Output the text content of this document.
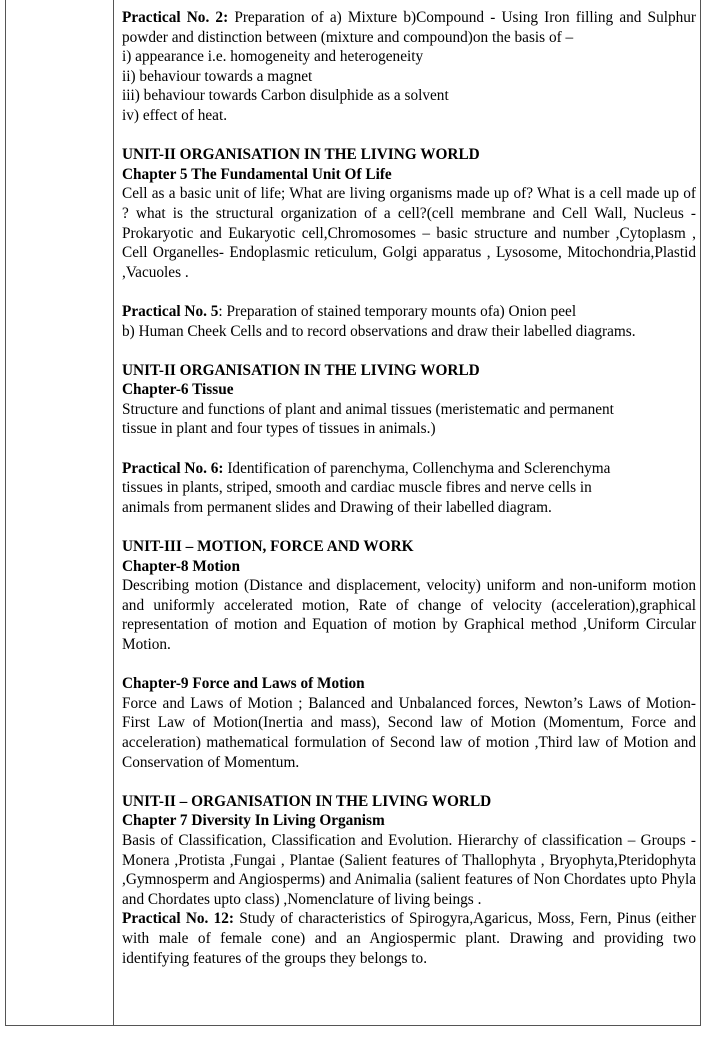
Practical No. 2: Preparation of a) Mixture b)Compound - Using Iron filling and Sulphur powder and distinction between (mixture and compound)on the basis of –

i) appearance i.e. homogeneity and heterogeneity

ii) behaviour towards a magnet

iii) behaviour towards Carbon disulphide as a solvent

iv) effect of heat.

UNIT-II ORGANISATION IN THE LIVING WORLD

Chapter 5 The Fundamental Unit Of Life

Cell as a basic unit of life; What are living organisms made up of? What is a cell made up of ? what is the structural organization of a cell?(cell membrane and Cell Wall, Nucleus -Prokaryotic and Eukaryotic cell,Chromosomes – basic structure and number ,Cytoplasm , Cell Organelles- Endoplasmic reticulum, Golgi apparatus , Lysosome, Mitochondria,Plastid ,Vacuoles .

Practical No. 5: Preparation of stained temporary mounts ofa) Onion peel

b) Human Cheek Cells and to record observations and draw their labelled diagrams.

UNIT-II ORGANISATION IN THE LIVING WORLD

Chapter-6 Tissue

Structure and functions of plant and animal tissues (meristematic and permanent

tissue in plant and four types of tissues in animals.)

Practical No. 6: Identification of parenchyma, Collenchyma and Sclerenchyma

tissues in plants, striped, smooth and cardiac muscle fibres and nerve cells in

animals from permanent slides and Drawing of their labelled diagram.

UNIT-III – MOTION, FORCE AND WORK

Chapter-8 Motion

Describing motion (Distance and displacement, velocity) uniform and non-uniform motion and uniformly accelerated motion, Rate of change of velocity (acceleration),graphical representation of motion and Equation of motion by Graphical method ,Uniform Circular Motion.

Chapter-9 Force and Laws of Motion

Force and Laws of Motion ; Balanced and Unbalanced forces, Newton’s Laws of Motion- First Law of Motion(Inertia and mass), Second law of Motion (Momentum, Force and acceleration) mathematical formulation of Second law of motion ,Third law of Motion and Conservation of Momentum.

UNIT-II – ORGANISATION IN THE LIVING WORLD

Chapter 7 Diversity In Living Organism

Basis of Classification, Classification and Evolution. Hierarchy of classification – Groups -Monera ,Protista ,Fungai , Plantae (Salient features of Thallophyta , Bryophyta,Pteridophyta ,Gymnosperm and Angiosperms) and Animalia (salient features of Non Chordates upto Phyla and Chordates upto class) ,Nomenclature of living beings .

Practical No. 12: Study of characteristics of Spirogyra,Agaricus, Moss, Fern, Pinus (either with male of female cone) and an Angiospermic plant. Drawing and providing two identifying features of the groups they belongs to.
